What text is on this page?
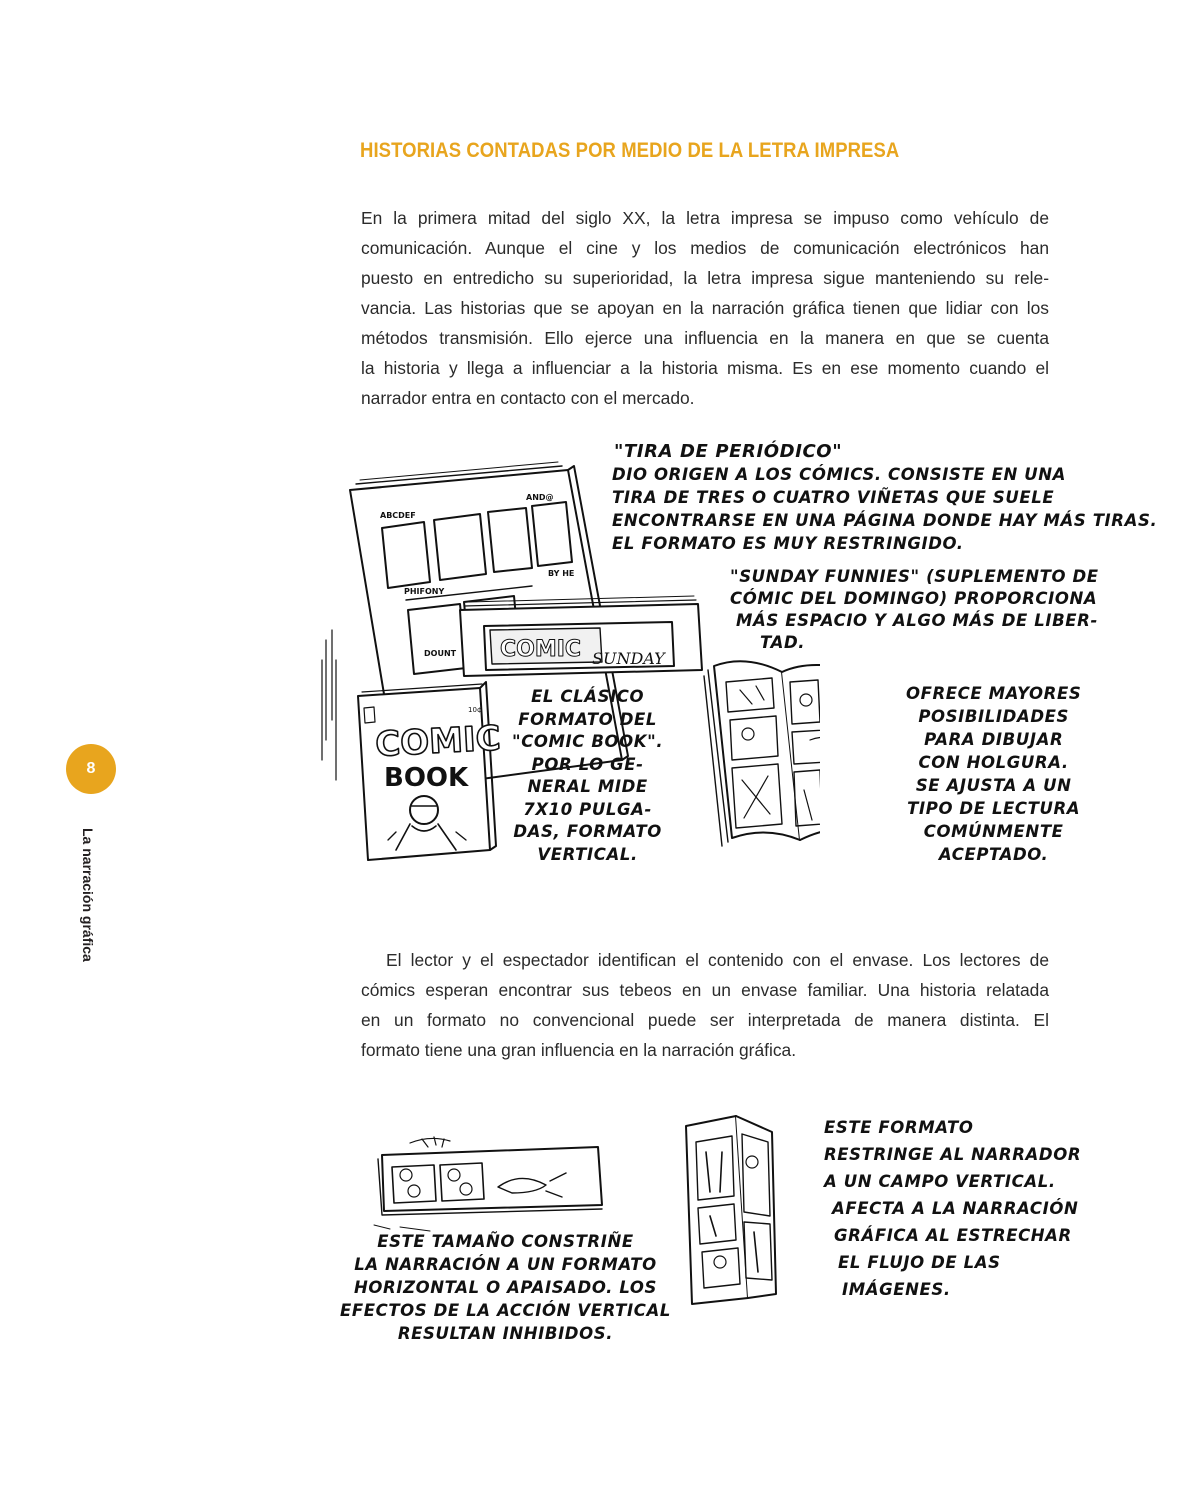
HISTORIAS CONTADAS POR MEDIO DE LA LETRA IMPRESA
En la primera mitad del siglo XX, la letra impresa se impuso como vehículo de
comunicación. Aunque el cine y los medios de comunicación electrónicos han
puesto en entredicho su superioridad, la letra impresa sigue manteniendo su rele-
vancia. Las historias que se apoyan en la narración gráfica tienen que lidiar con los
métodos transmisión. Ello ejerce una influencia en la manera en que se cuenta
la historia y llega a influenciar a la historia misma. Es en ese momento cuando el
narrador entra en contacto con el mercado.
ABCDEF
AND@
PHIFONY
BY HE
DOUNT COMIC SUNDAY
10¢
COMIC
BOOK
"TIRA DE PERIÓDICO"
DIO ORIGEN A LOS CÓMICS. CONSISTE EN UNA
TIRA DE TRES O CUATRO VIÑETAS QUE SUELE
ENCONTRARSE EN UNA PÁGINA DONDE HAY MÁS TIRAS.
EL FORMATO ES MUY RESTRINGIDO.
"SUNDAY FUNNIES" (SUPLEMENTO DE
CÓMIC DEL DOMINGO) PROPORCIONA
MÁS ESPACIO Y ALGO MÁS DE LIBER-
TAD.
EL CLÁSICO
FORMATO DEL
"COMIC BOOK".
POR LO GE-
NERAL MIDE
7X10 PULGA-
DAS, FORMATO
VERTICAL.
OFRECE MAYORES
POSIBILIDADES
PARA DIBUJAR
CON HOLGURA.
SE AJUSTA A UN
TIPO DE LECTURA
COMÚNMENTE
ACEPTADO.
El lector y el espectador identifican el contenido con el envase. Los lectores de
cómics esperan encontrar sus tebeos en un envase familiar. Una historia relatada
en un formato no convencional puede ser interpretada de manera distinta. El
formato tiene una gran influencia en la narración gráfica.
ESTE TAMAÑO CONSTRIÑE
LA NARRACIÓN A UN FORMATO
HORIZONTAL O APAISADO. LOS
EFECTOS DE LA ACCIÓN VERTICAL
RESULTAN INHIBIDOS.
ESTE FORMATO
RESTRINGE AL NARRADOR
A UN CAMPO VERTICAL.
AFECTA A LA NARRACIÓN
GRÁFICA AL ESTRECHAR
EL FLUJO DE LAS
IMÁGENES.
8
La narración gráfica
